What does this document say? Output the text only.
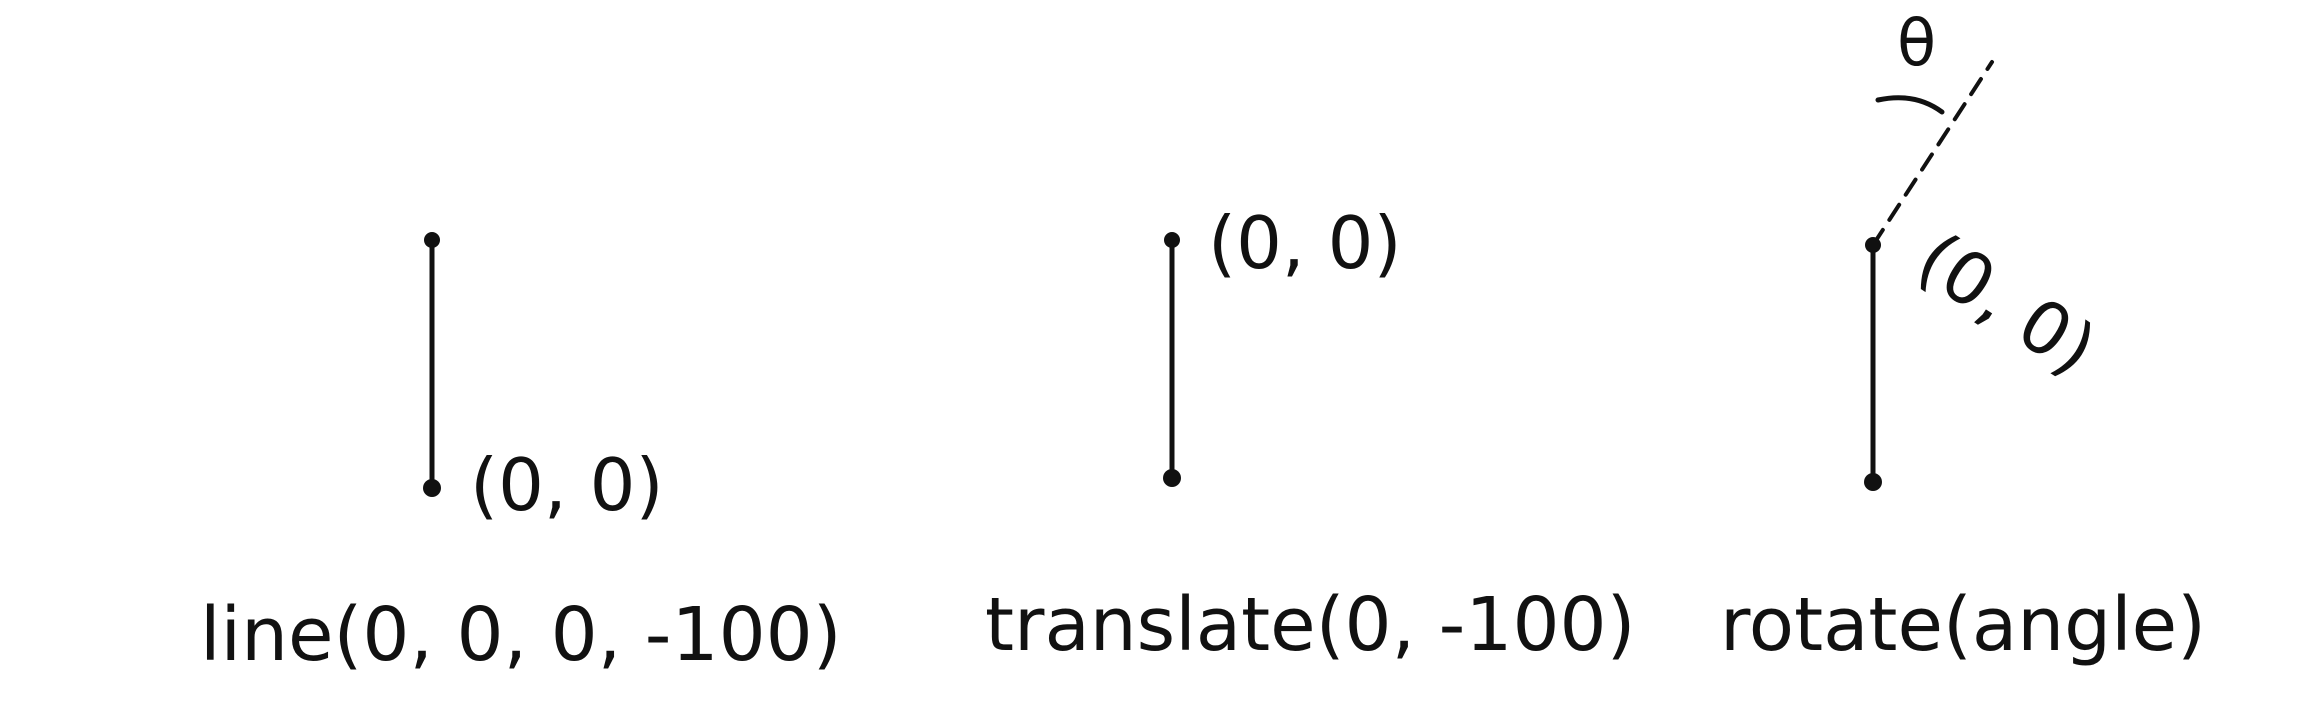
(0, 0)
line(0, 0, 0, -100)
(0, 0)
translate(0, -100)
θ
(0, 0)
rotate(angle)
